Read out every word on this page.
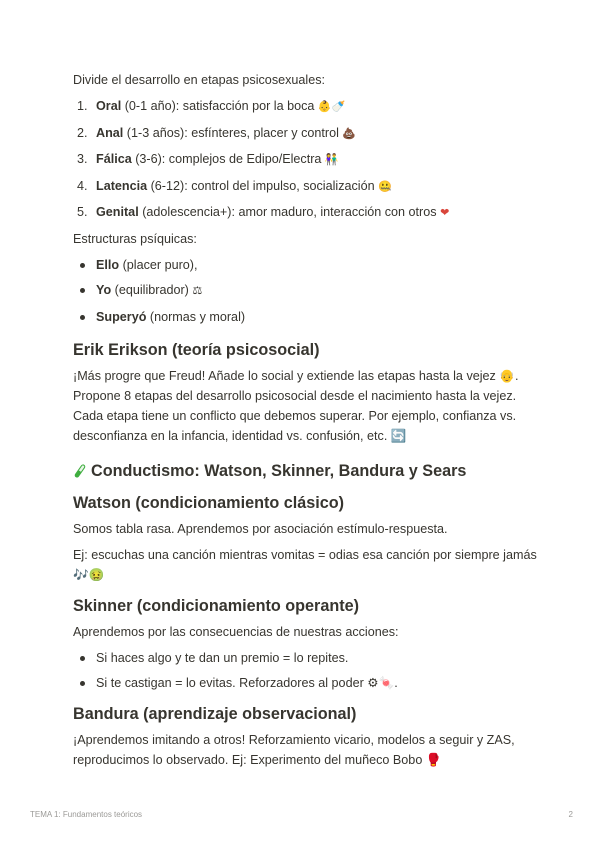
Divide el desarrollo en etapas psicosexuales:

1. Oral (0-1 año): satisfacción por la boca 👶🍼
2. Anal (1-3 años): esfínteres, placer y control 💩
3. Fálica (3-6): complejos de Edipo/Electra 👫
4. Latencia (6-12): control del impulso, socialización 🤐
5. Genital (adolescencia+): amor maduro, interacción con otros ❤

Estructuras psíquicas:

Ello (placer puro),
Yo (equilibrador) ⚖
Superyó (normas y moral)
Erik Erikson (teoría psicosocial)

¡Más progre que Freud! Añade lo social y extiende las etapas hasta la vejez 👴. Propone 8 etapas del desarrollo psicosocial desde el nacimiento hasta la vejez. Cada etapa tiene un conflicto que debemos superar. Por ejemplo, confianza vs. desconfianza en la infancia, identidad vs. confusión, etc. 🔄

Conductismo: Watson, Skinner, Bandura y Sears
Watson (condicionamiento clásico)

Somos tabla rasa. Aprendemos por asociación estímulo-respuesta.

Ej: escuchas una canción mientras vomitas = odias esa canción por siempre jamás 🎶🤢

Skinner (condicionamiento operante)

Aprendemos por las consecuencias de nuestras acciones:

Si haces algo y te dan un premio = lo repites.
Si te castigan = lo evitas. Reforzadores al poder ⚙🍬.
Bandura (aprendizaje observacional)

¡Aprendemos imitando a otros! Reforzamiento vicario, modelos a seguir y ZAS, reproducimos lo observado. Ej: Experimento del muñeco Bobo 🥊

TEMA 1: Fundamentos teóricos	2
